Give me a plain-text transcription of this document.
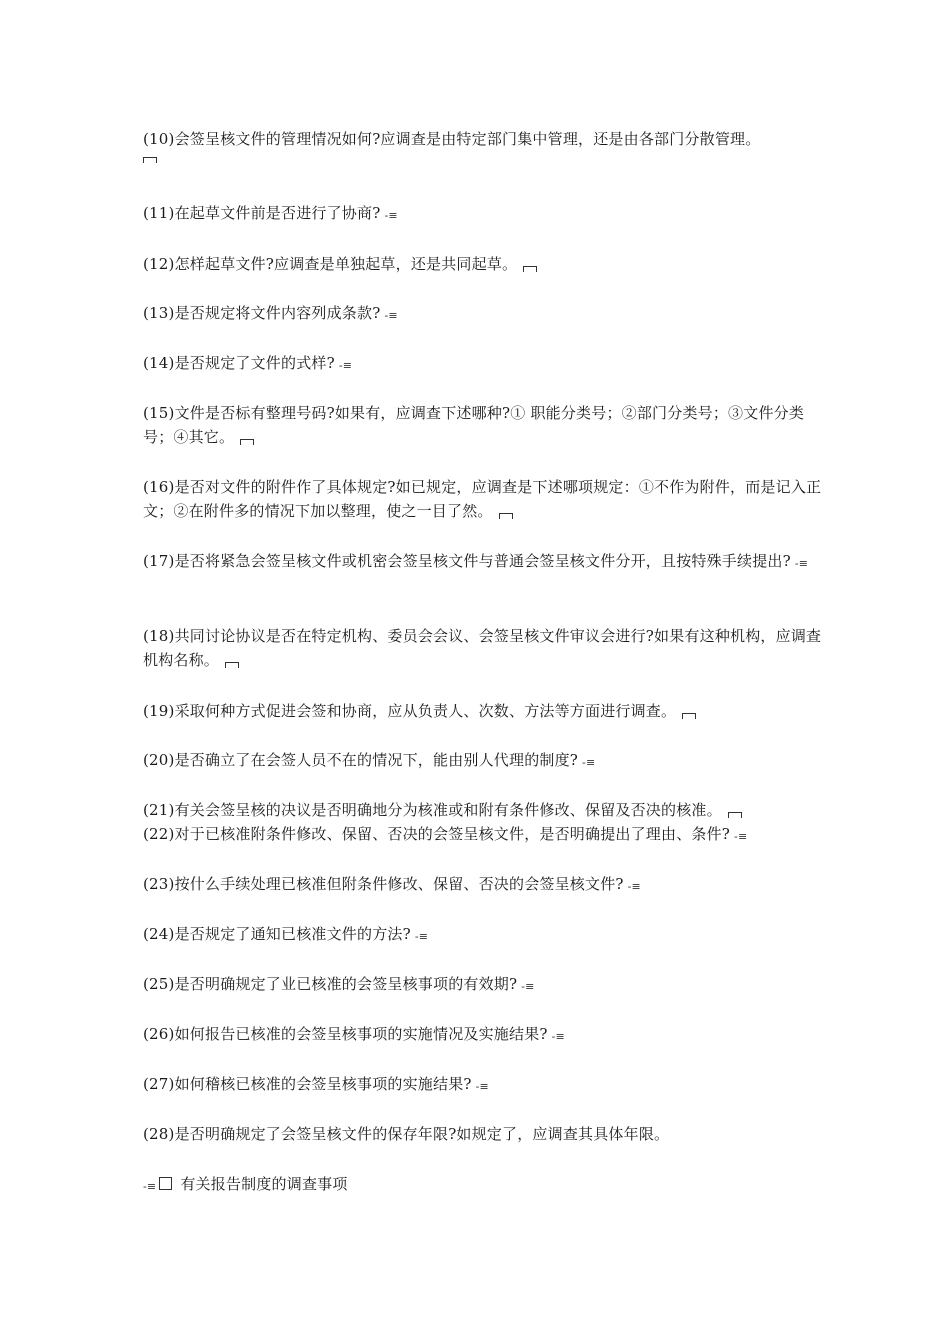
(10)会签呈核文件的管理情况如何?应调查是由特定部门集中管理，还是由各部门分散管理。
(11)在起草文件前是否进行了协商? -≡
(12)怎样起草文件?应调查是单独起草，还是共同起草。
(13)是否规定将文件内容列成条款? -≡
(14)是否规定了文件的式样? -≡
(15)文件是否标有整理号码?如果有，应调查下述哪种?① 职能分类号；②部门分类号；③文件分类号；④其它。
(16)是否对文件的附件作了具体规定?如已规定，应调查是下述哪项规定：①不作为附件，而是记入正文；②在附件多的情况下加以整理，使之一目了然。
(17)是否将紧急会签呈核文件或机密会签呈核文件与普通会签呈核文件分开，且按特殊手续提出? -≡
(18)共同讨论协议是否在特定机构、委员会会议、会签呈核文件审议会进行?如果有这种机构，应调查机构名称。
(19)采取何种方式促进会签和协商，应从负责人、次数、方法等方面进行调查。
(20)是否确立了在会签人员不在的情况下，能由别人代理的制度? -≡
(21)有关会签呈核的决议是否明确地分为核准或和附有条件修改、保留及否决的核准。
(22)对于已核准附条件修改、保留、否决的会签呈核文件，是否明确提出了理由、条件? -≡
(23)按什么手续处理已核准但附条件修改、保留、否决的会签呈核文件? -≡
(24)是否规定了通知已核准文件的方法? -≡
(25)是否明确规定了业已核准的会签呈核事项的有效期? -≡
(26)如何报告已核准的会签呈核事项的实施情况及实施结果? -≡
(27)如何稽核已核准的会签呈核事项的实施结果? -≡
(28)是否明确规定了会签呈核文件的保存年限?如规定了，应调查其具体年限。
-≡ 有关报告制度的调查事项
